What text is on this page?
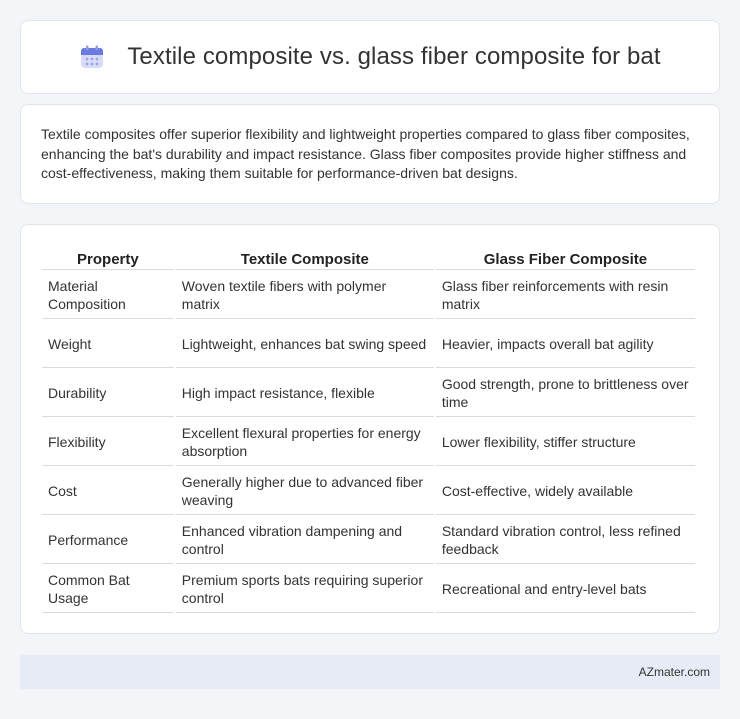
Textile composite vs. glass fiber composite for bat

Textile composites offer superior flexibility and lightweight properties compared to glass fiber composites, enhancing the bat's durability and impact resistance. Glass fiber composites provide higher stiffness and cost-effectiveness, making them suitable for performance-driven bat designs.

Property	Textile Composite	Glass Fiber Composite
Material Composition	Woven textile fibers with polymer matrix	Glass fiber reinforcements with resin matrix
Weight	Lightweight, enhances bat swing speed	Heavier, impacts overall bat agility
Durability	High impact resistance, flexible	Good strength, prone to brittleness over time
Flexibility	Excellent flexural properties for energy absorption	Lower flexibility, stiffer structure
Cost	Generally higher due to advanced fiber weaving	Cost-effective, widely available
Performance	Enhanced vibration dampening and control	Standard vibration control, less refined feedback
Common Bat Usage	Premium sports bats requiring superior control	Recreational and entry-level bats
AZmater.com
